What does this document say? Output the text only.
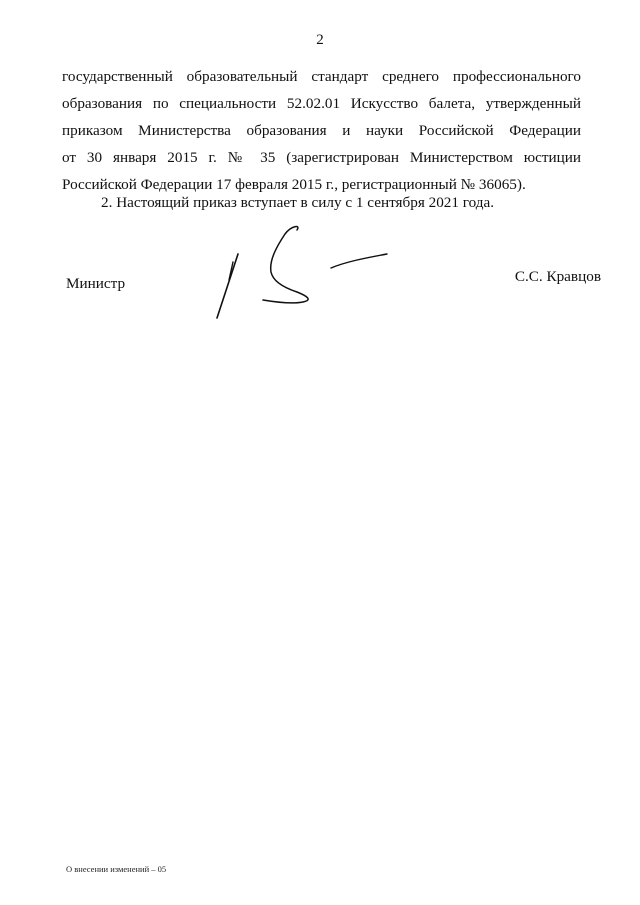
2
государственный образовательный стандарт среднего профессионального
образования по специальности 52.02.01 Искусство балета, утвержденный
приказом Министерства образования и науки Российской Федерации
от 30 января 2015 г. № 35 (зарегистрирован Министерством юстиции
Российской Федерации 17 февраля 2015 г., регистрационный № 36065).
2. Настоящий приказ вступает в силу с 1 сентября 2021 года.
Министр	С.С. Кравцов
О внесении изменений – 05
